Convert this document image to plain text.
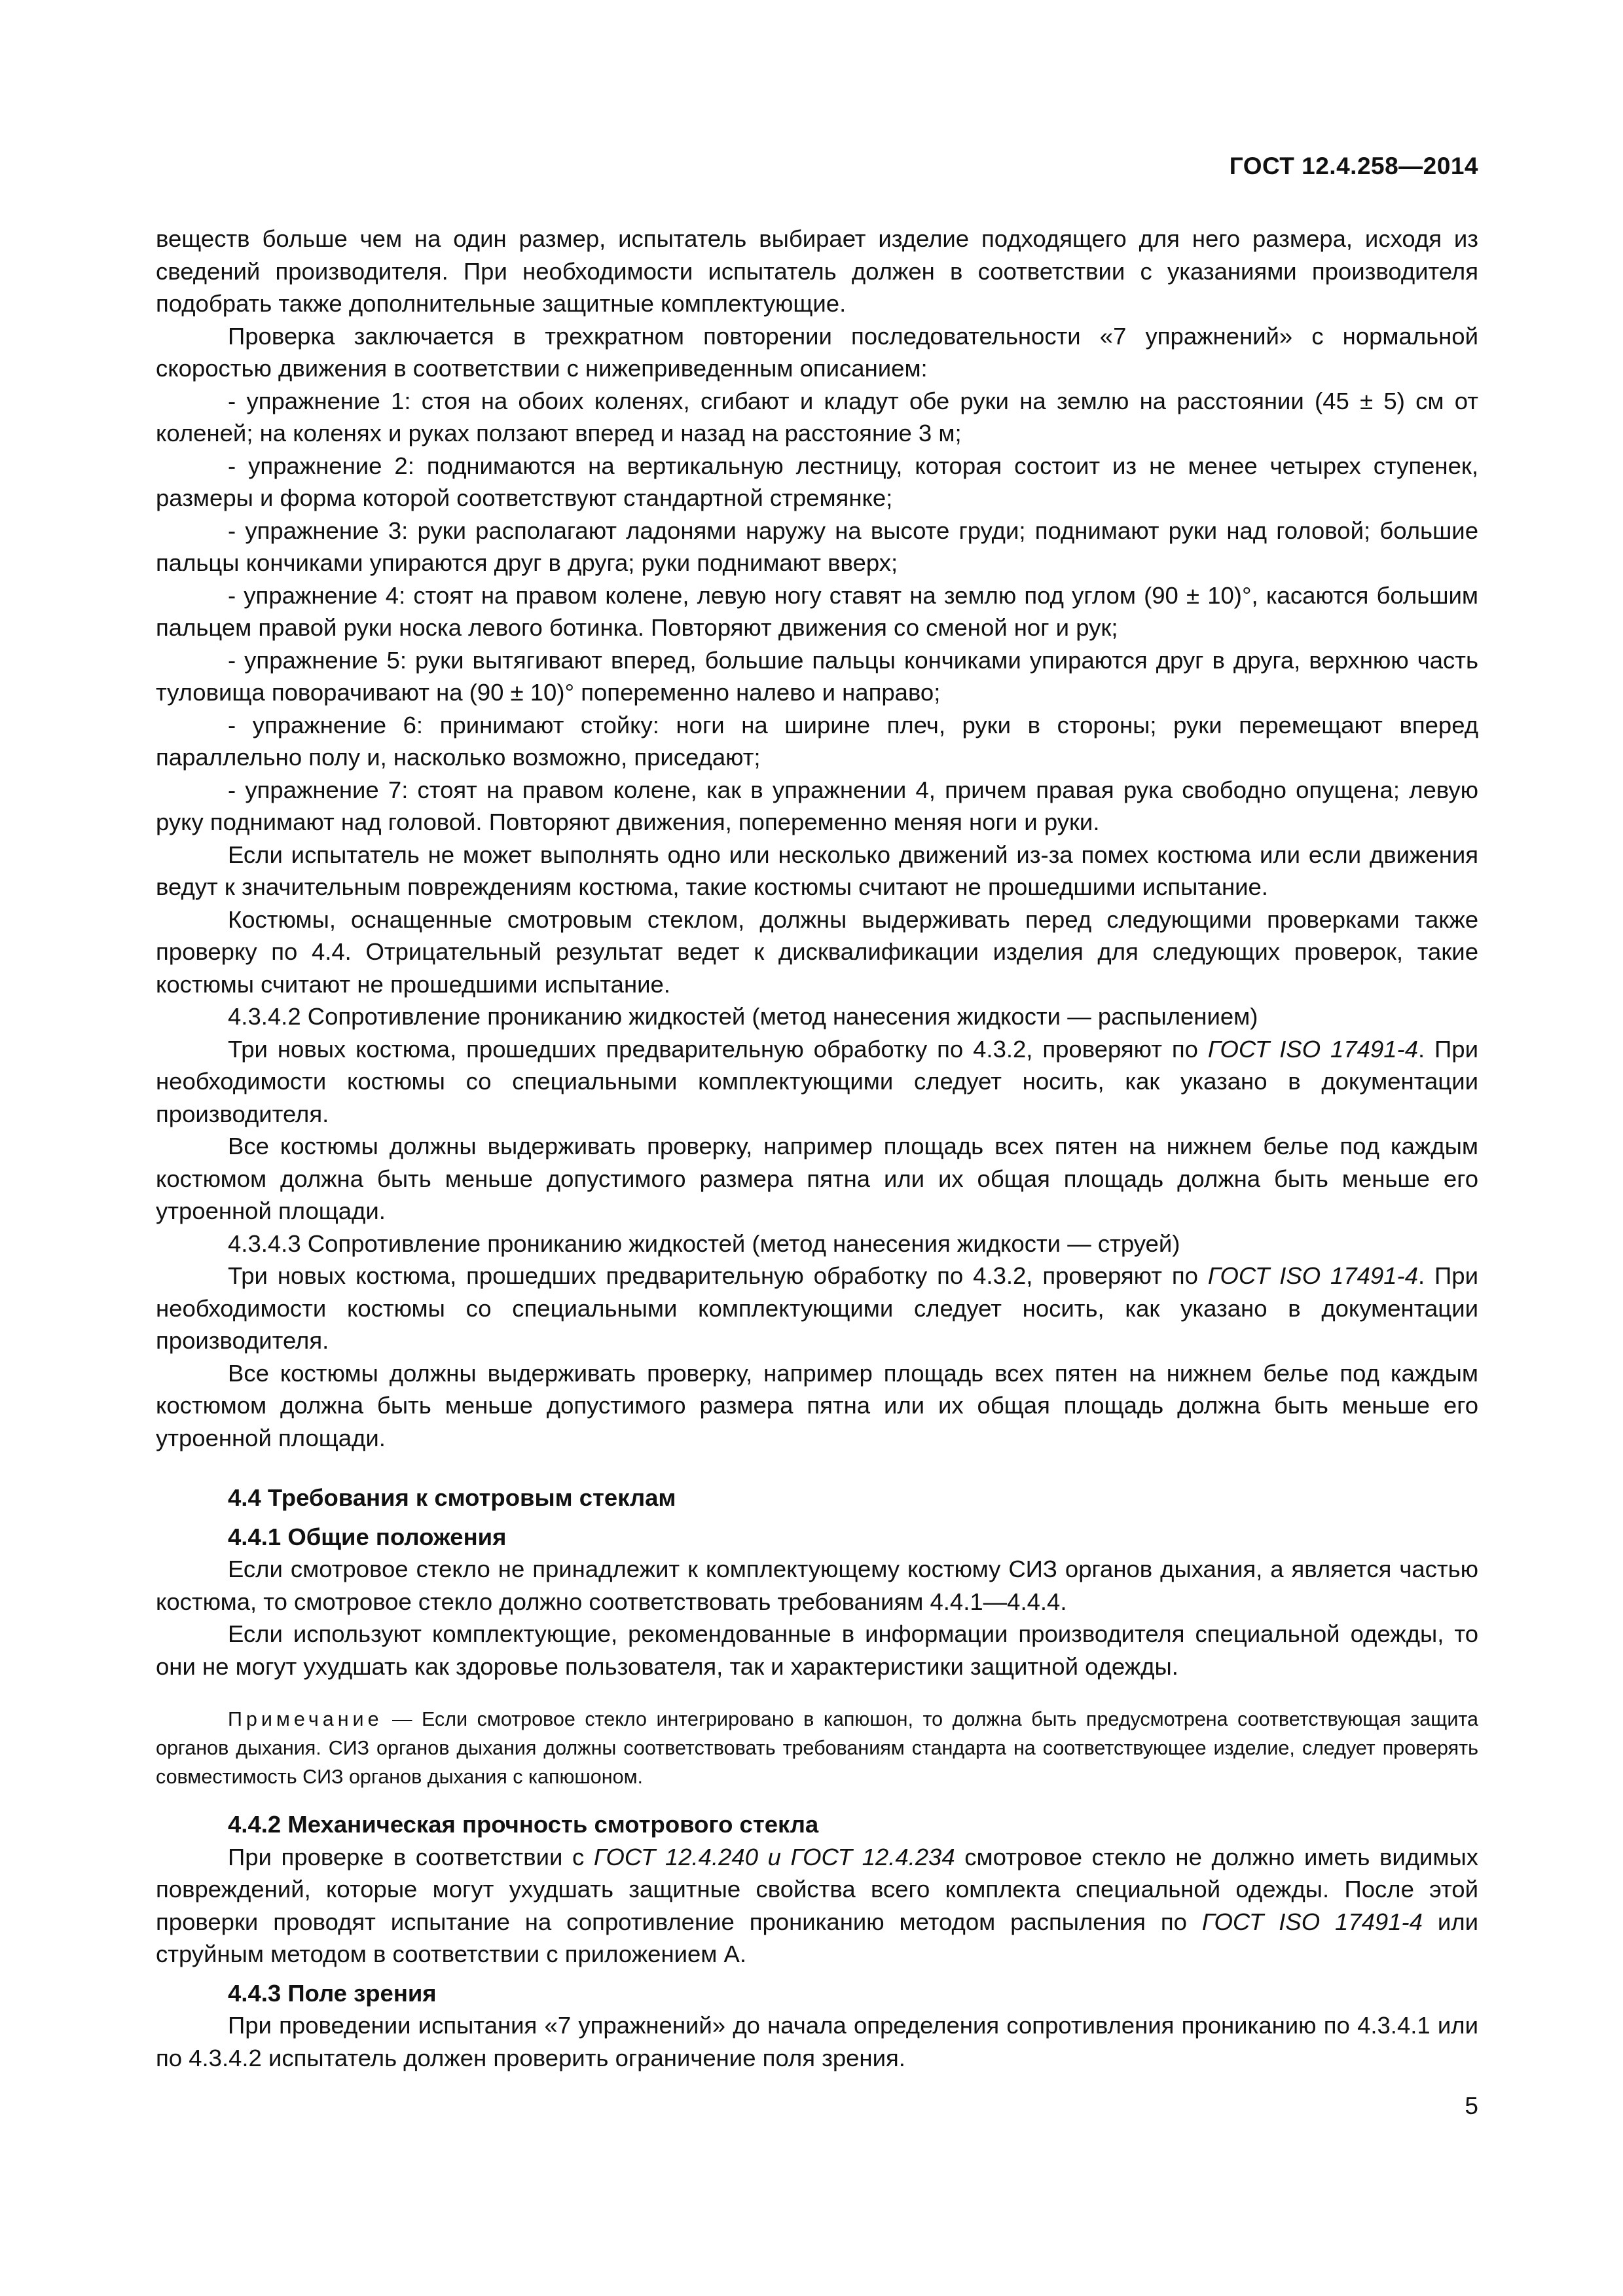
ГОСТ 12.4.258—2014

веществ больше чем на один размер, испытатель выбирает изделие подходящего для него размера, исходя из сведений производителя. При необходимости испытатель должен в соответствии с указаниями производителя подобрать также дополнительные защитные комплектующие.

Проверка заключается в трехкратном повторении последовательности «7 упражнений» с нормальной скоростью движения в соответствии с нижеприведенным описанием:

- упражнение 1: стоя на обоих коленях, сгибают и кладут обе руки на землю на расстоянии (45 ± 5) см от коленей; на коленях и руках ползают вперед и назад на расстояние 3 м;

- упражнение 2: поднимаются на вертикальную лестницу, которая состоит из не менее четырех ступенек, размеры и форма которой соответствуют стандартной стремянке;

- упражнение 3: руки располагают ладонями наружу на высоте груди; поднимают руки над головой; большие пальцы кончиками упираются друг в друга; руки поднимают вверх;

- упражнение 4: стоят на правом колене, левую ногу ставят на землю под углом (90 ± 10)°, касаются большим пальцем правой руки носка левого ботинка. Повторяют движения со сменой ног и рук;

- упражнение 5: руки вытягивают вперед, большие пальцы кончиками упираются друг в друга, верхнюю часть туловища поворачивают на (90 ± 10)° попеременно налево и направо;

- упражнение 6: принимают стойку: ноги на ширине плеч, руки в стороны; руки перемещают вперед параллельно полу и, насколько возможно, приседают;

- упражнение 7: стоят на правом колене, как в упражнении 4, причем правая рука свободно опущена; левую руку поднимают над головой. Повторяют движения, попеременно меняя ноги и руки.

Если испытатель не может выполнять одно или несколько движений из-за помех костюма или если движения ведут к значительным повреждениям костюма, такие костюмы считают не прошедшими испытание.

Костюмы, оснащенные смотровым стеклом, должны выдерживать перед следующими проверками также проверку по 4.4. Отрицательный результат ведет к дисквалификации изделия для следующих проверок, такие костюмы считают не прошедшими испытание.

4.3.4.2 Сопротивление прониканию жидкостей (метод нанесения жидкости — распылением)

Три новых костюма, прошедших предварительную обработку по 4.3.2, проверяют по ГОСТ ISO 17491-4. При необходимости костюмы со специальными комплектующими следует носить, как указано в документации производителя.

Все костюмы должны выдерживать проверку, например площадь всех пятен на нижнем белье под каждым костюмом должна быть меньше допустимого размера пятна или их общая площадь должна быть меньше его утроенной площади.

4.3.4.3 Сопротивление прониканию жидкостей (метод нанесения жидкости — струей)

Три новых костюма, прошедших предварительную обработку по 4.3.2, проверяют по ГОСТ ISO 17491-4. При необходимости костюмы со специальными комплектующими следует носить, как указано в документации производителя.

Все костюмы должны выдерживать проверку, например площадь всех пятен на нижнем белье под каждым костюмом должна быть меньше допустимого размера пятна или их общая площадь должна быть меньше его утроенной площади.

4.4 Требования к смотровым стеклам

4.4.1 Общие положения

Если смотровое стекло не принадлежит к комплектующему костюму СИЗ органов дыхания, а является частью костюма, то смотровое стекло должно соответствовать требованиям 4.4.1—4.4.4.

Если используют комплектующие, рекомендованные в информации производителя специальной одежды, то они не могут ухудшать как здоровье пользователя, так и характеристики защитной одежды.

Примечание — Если смотровое стекло интегрировано в капюшон, то должна быть предусмотрена соответствующая защита органов дыхания. СИЗ органов дыхания должны соответствовать требованиям стандарта на соответствующее изделие, следует проверять совместимость СИЗ органов дыхания с капюшоном.

4.4.2 Механическая прочность смотрового стекла

При проверке в соответствии с ГОСТ 12.4.240 и ГОСТ 12.4.234 смотровое стекло не должно иметь видимых повреждений, которые могут ухудшать защитные свойства всего комплекта специальной одежды. После этой проверки проводят испытание на сопротивление прониканию методом распыления по ГОСТ ISO 17491-4 или струйным методом в соответствии с приложением А.

4.4.3 Поле зрения

При проведении испытания «7 упражнений» до начала определения сопротивления прониканию по 4.3.4.1 или по 4.3.4.2 испытатель должен проверить ограничение поля зрения.

5
